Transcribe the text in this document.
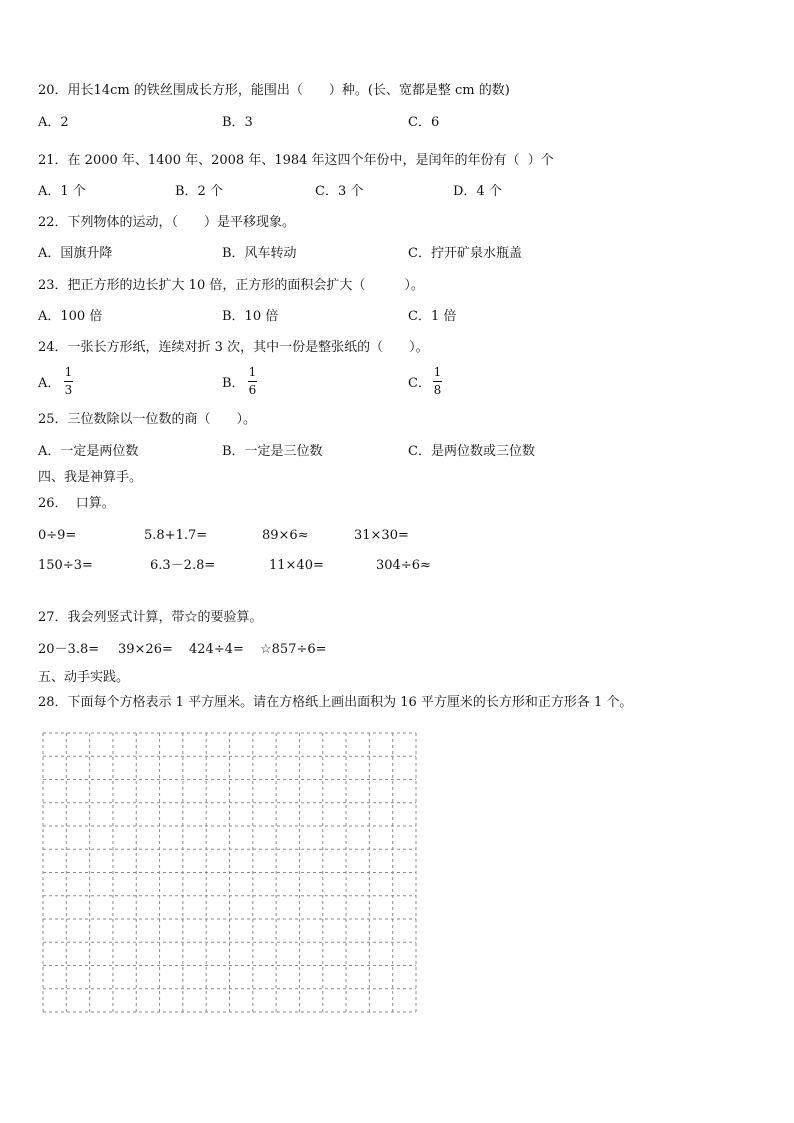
20．用长14cm 的铁丝围成长方形，能围出（　　）种。(长、宽都是整 cm 的数)
A．2	B．3	C．6
21．在 2000 年、1400 年、2008 年、1984 年这四个年份中，是闰年的年份有（  ）个
A．1 个	B．2 个	C．3 个	D．4 个
22．下列物体的运动，（　　）是平移现象。
A．国旗升降	B．风车转动	C．拧开矿泉水瓶盖
23．把正方形的边长扩大 10 倍，正方形的面积会扩大（　　　）。
A．100 倍	B．10 倍	C．1 倍
24．一张长方形纸，连续对折 3 次，其中一份是整张纸的（　　）。
A．
1
3	B．
1
6	C．
1
8
25．三位数除以一位数的商（　　）。
A．一定是两位数	B．一定是三位数	C．是两位数或三位数
四、我是神算手。
26．  口算。
0÷9=	5.8+1.7=	89×6≈	31×30=
150÷3=	6.3－2.8=	11×40=	304÷6≈
27．我会列竖式计算，带☆的要验算。
20－3.8= 39×26= 424÷4= ☆857÷6=
五、动手实践。
28．下面每个方格表示 1 平方厘米。请在方格纸上画出面积为 16 平方厘米的长方形和正方形各 1 个。
